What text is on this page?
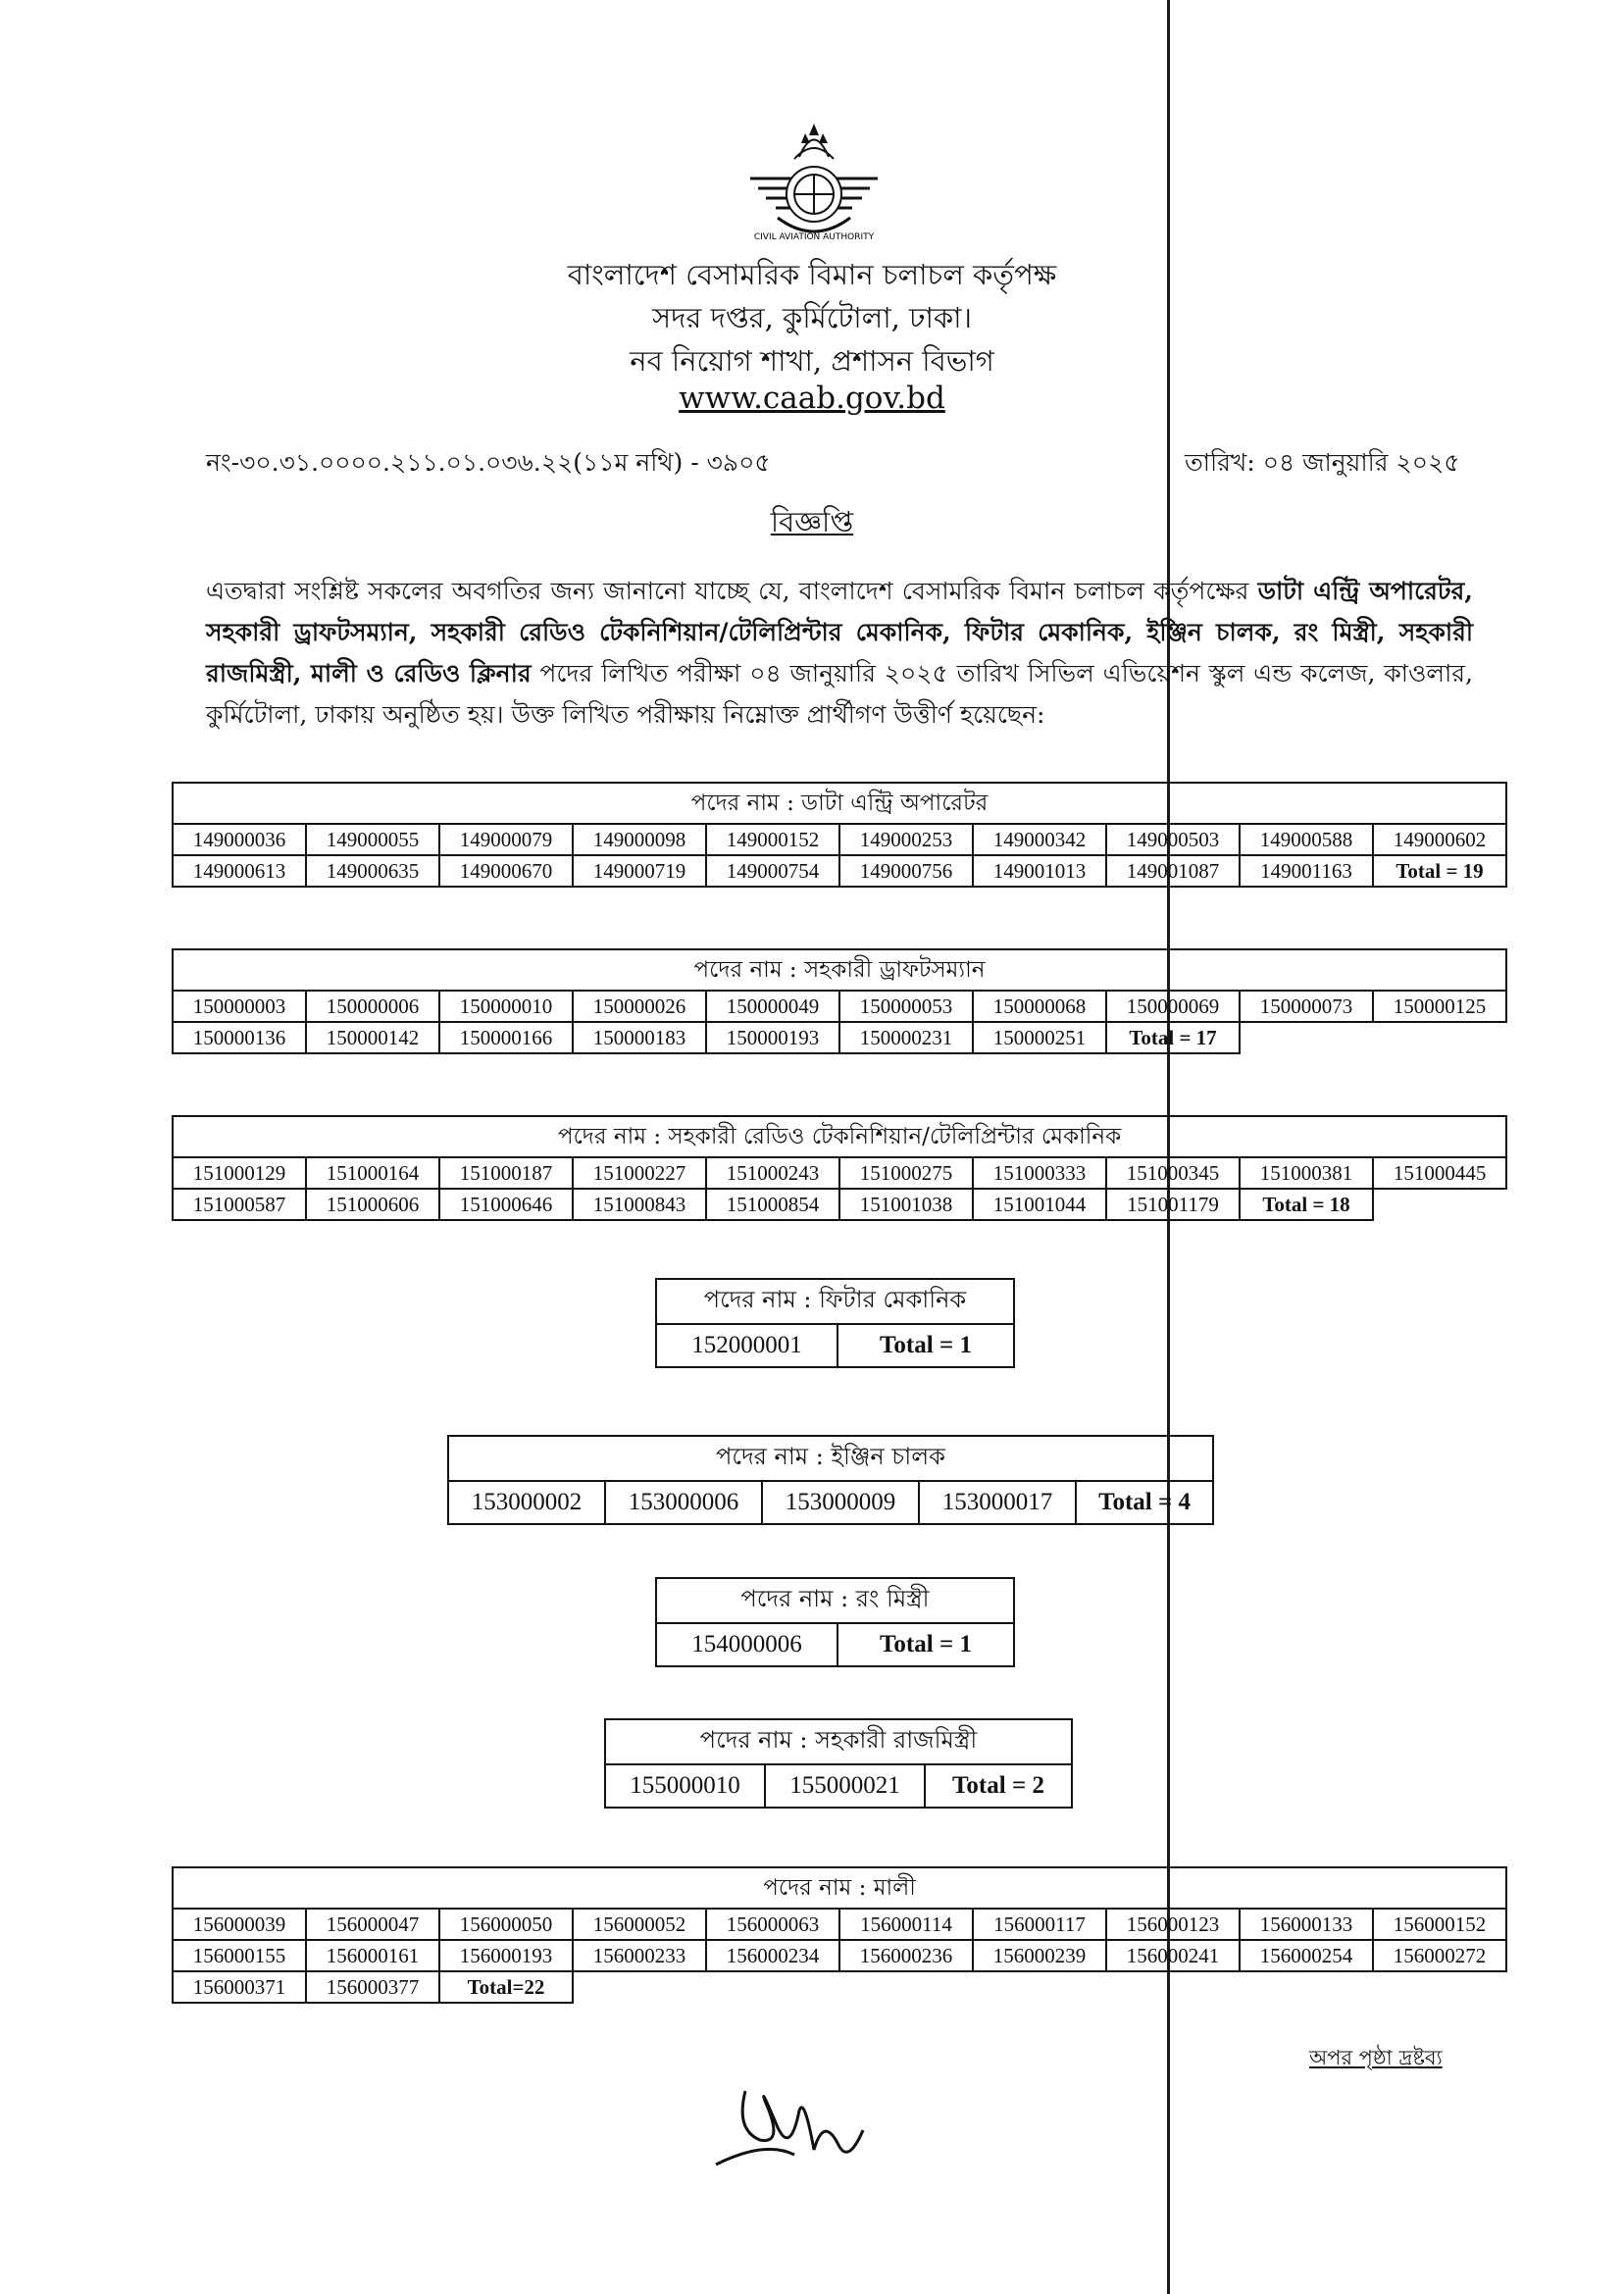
CIVIL AVIATION AUTHORITY
বাংলাদেশ বেসামরিক বিমান চলাচল কর্তৃপক্ষ
সদর দপ্তর, কুর্মিটোলা, ঢাকা।
নব নিয়োগ শাখা, প্রশাসন বিভাগ
www.caab.gov.bd
নং-৩০.৩১.০০০০.২১১.০১.০৩৬.২২(১১ম নথি) - ৩৯০৫	তারিখ: ০৪ জানুয়ারি ২০২৫
বিজ্ঞপ্তি
এতদ্বারা সংশ্লিষ্ট সকলের অবগতির জন্য জানানো যাচ্ছে যে, বাংলাদেশ বেসামরিক বিমান চলাচল কর্তৃপক্ষের ডাটা এন্ট্রি অপারেটর, সহকারী ড্রাফটসম্যান, সহকারী রেডিও টেকনিশিয়ান/টেলিপ্রিন্টার মেকানিক, ফিটার মেকানিক, ইঞ্জিন চালক, রং মিস্ত্রী, সহকারী রাজমিস্ত্রী, মালী ও রেডিও ক্লিনার পদের লিখিত পরীক্ষা ০৪ জানুয়ারি ২০২৫ তারিখ সিভিল এভিয়েশন স্কুল এন্ড কলেজ, কাওলার, কুর্মিটোলা, ঢাকায় অনুষ্ঠিত হয়। উক্ত লিখিত পরীক্ষায় নিম্নোক্ত প্রার্থীগণ উত্তীর্ণ হয়েছেন:
পদের নাম : ডাটা এন্ট্রি অপারেটর									
149000036	149000055	149000079	149000098	149000152	149000253	149000342	149000503	149000588	149000602
149000613	149000635	149000670	149000719	149000754	149000756	149001013	149001087	149001163	Total = 19
পদের নাম : সহকারী ড্রাফটসম্যান									
150000003	150000006	150000010	150000026	150000049	150000053	150000068	150000069	150000073	150000125
150000136	150000142	150000166	150000183	150000193	150000231	150000251	Total = 17		
পদের নাম : সহকারী রেডিও টেকনিশিয়ান/টেলিপ্রিন্টার মেকানিক									
151000129	151000164	151000187	151000227	151000243	151000275	151000333	151000345	151000381	151000445
151000587	151000606	151000646	151000843	151000854	151001038	151001044	151001179	Total = 18	
পদের নাম : ফিটার মেকানিক
152000001	Total = 1
পদের নাম : ইঞ্জিন চালক
153000002	153000006	153000009	153000017	Total = 4
পদের নাম : রং মিস্ত্রী
154000006	Total = 1
পদের নাম : সহকারী রাজমিস্ত্রী
155000010	155000021	Total = 2
পদের নাম : মালী									
156000039	156000047	156000050	156000052	156000063	156000114	156000117	156000123	156000133	156000152
156000155	156000161	156000193	156000233	156000234	156000236	156000239	156000241	156000254	156000272
156000371	156000377	Total=22							
অপর পৃষ্ঠা দ্রষ্টব্য
